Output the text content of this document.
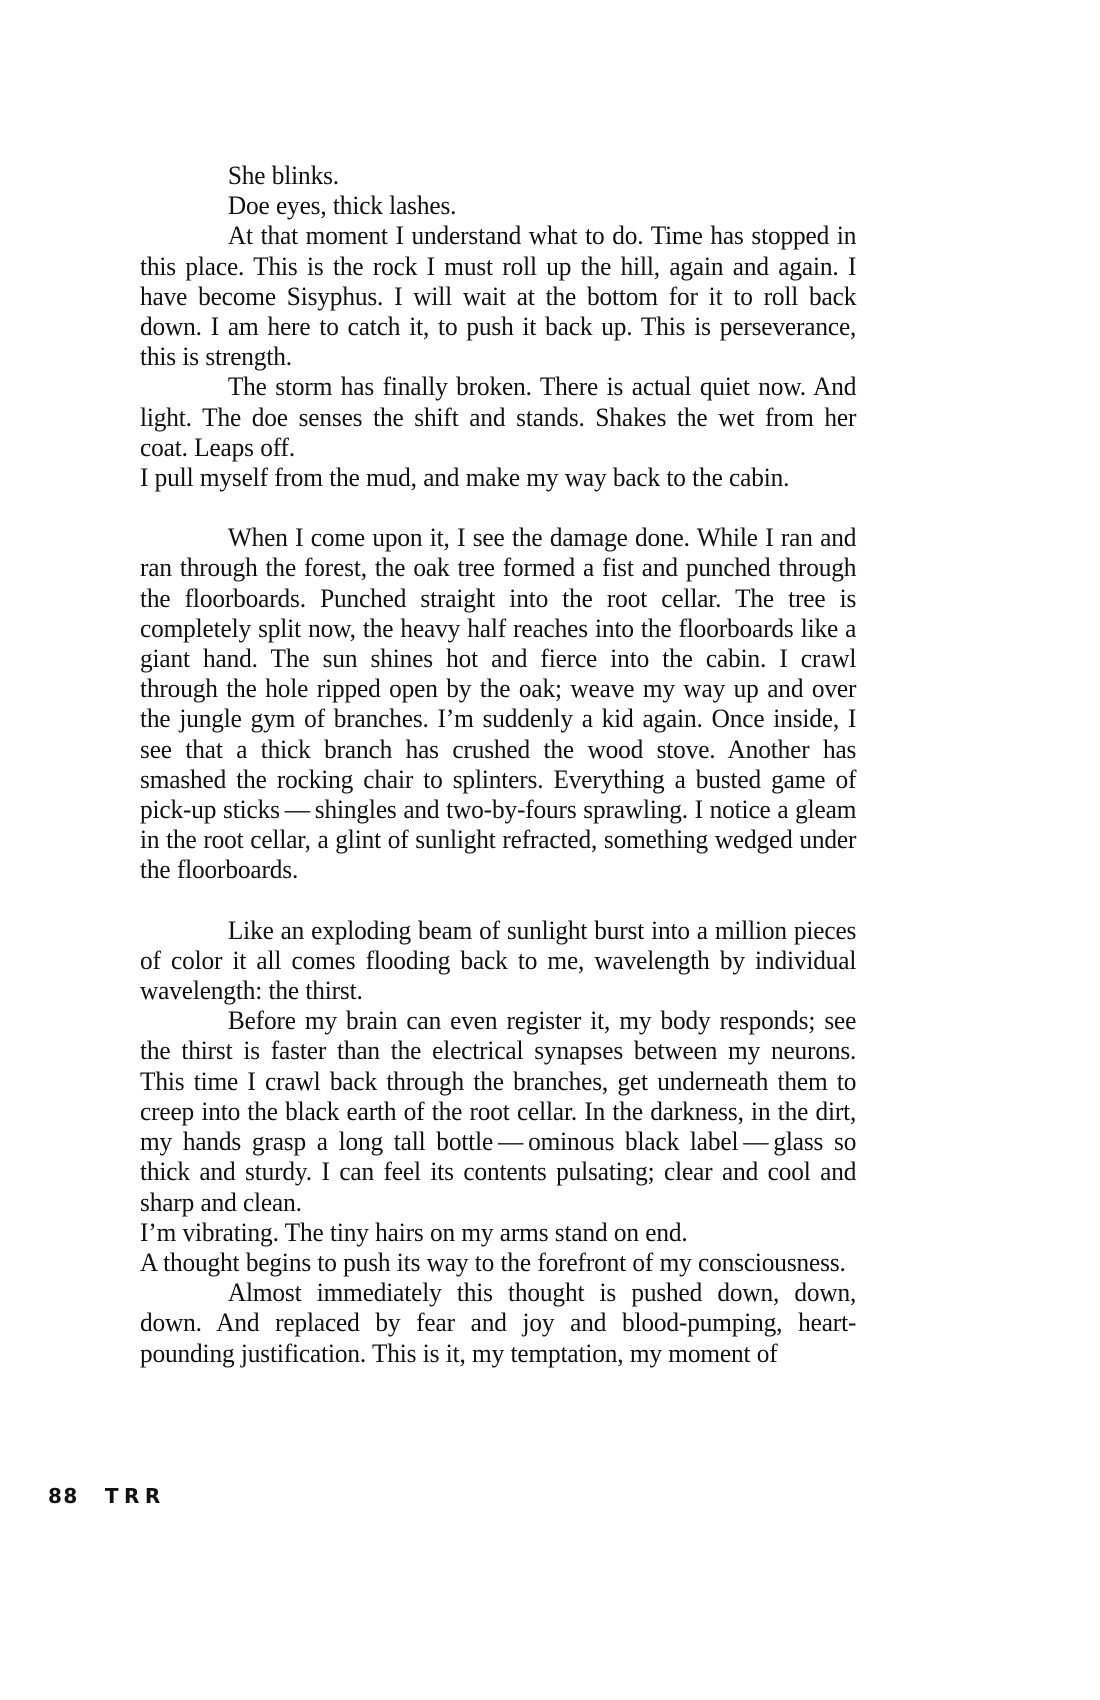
She blinks.

Doe eyes, thick lashes.

At that moment I understand what to do. Time has stopped in this place. This is the rock I must roll up the hill, again and again. I have become Sisyphus. I will wait at the bottom for it to roll back down. I am here to catch it, to push it back up. This is perseverance, this is strength.

The storm has finally broken. There is actual quiet now. And light. The doe senses the shift and stands. Shakes the wet from her coat. Leaps off.

I pull myself from the mud, and make my way back to the cabin.

When I come upon it, I see the damage done. While I ran and ran through the forest, the oak tree formed a fist and punched through the floorboards. Punched straight into the root cellar. The tree is completely split now, the heavy half reaches into the floorboards like a giant hand. The sun shines hot and fierce into the cabin. I crawl through the hole ripped open by the oak; weave my way up and over the jungle gym of branches. I’m suddenly a kid again. Once inside, I see that a thick branch has crushed the wood stove. Another has smashed the rocking chair to splinters. Everything a busted game of pick-up sticks — shingles and two-by-fours sprawling. I notice a gleam in the root cellar, a glint of sunlight refracted, something wedged under the floorboards.

Like an exploding beam of sunlight burst into a million pieces of color it all comes flooding back to me, wavelength by individual wavelength: the thirst.

Before my brain can even register it, my body responds; see the thirst is faster than the electrical synapses between my neurons. This time I crawl back through the branches, get underneath them to creep into the black earth of the root cellar. In the darkness, in the dirt, my hands grasp a long tall bottle — ominous black label — glass so thick and sturdy. I can feel its contents pulsating; clear and cool and sharp and clean.

I’m vibrating. The tiny hairs on my arms stand on end.

A thought begins to push its way to the forefront of my consciousness.

Almost immediately this thought is pushed down, down, down. And replaced by fear and joy and blood-pumping, heart-pounding justification. This is it, my temptation, my moment of

88 TRR
